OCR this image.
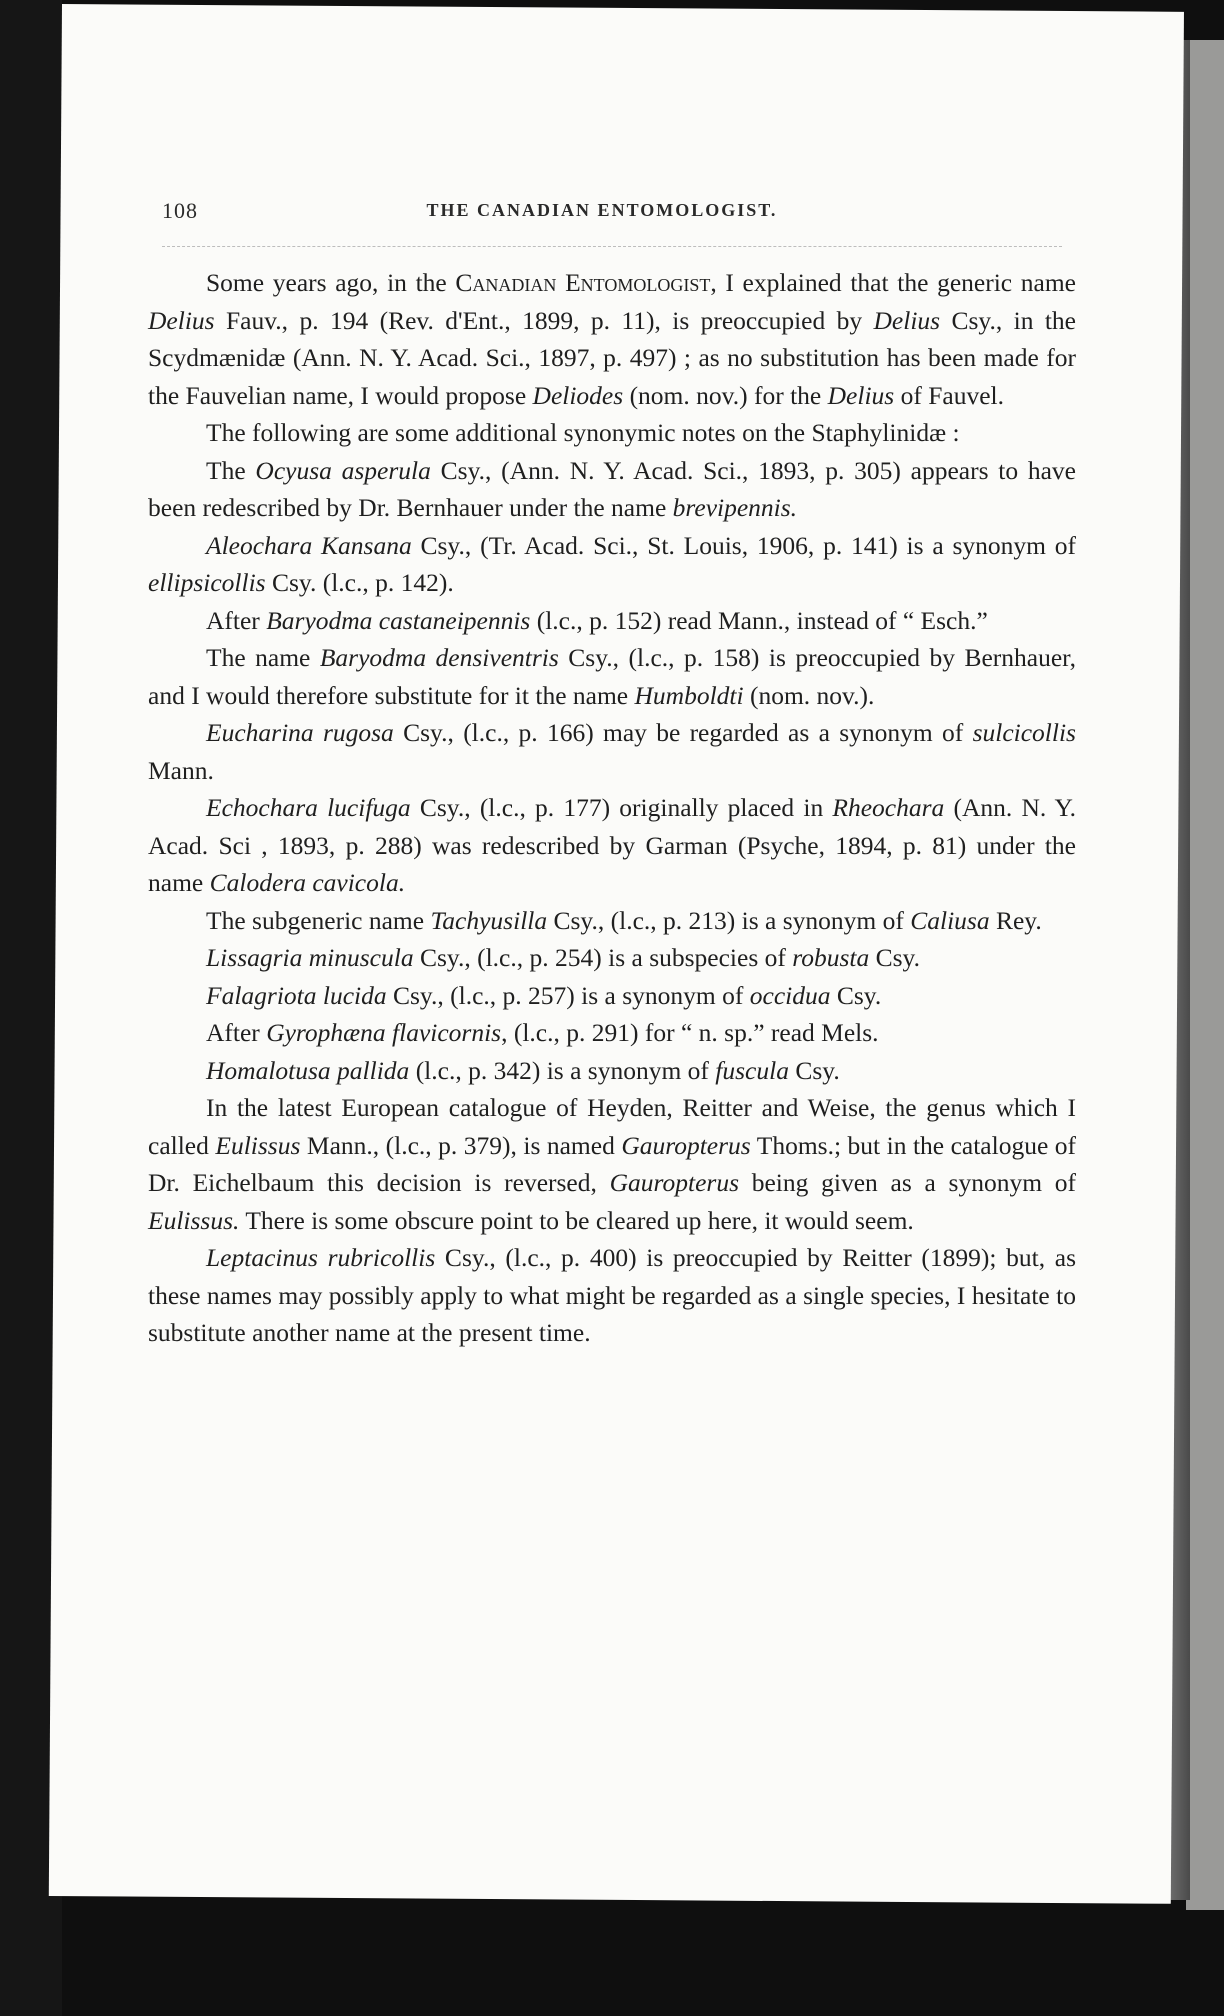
108	THE CANADIAN ENTOMOLOGIST.

Some years ago, in the Canadian Entomologist, I explained that the generic name Delius Fauv., p. 194 (Rev. d'Ent., 1899, p. 11), is preoccupied by Delius Csy., in the Scydmænidæ (Ann. N. Y. Acad. Sci., 1897, p. 497) ; as no substitution has been made for the Fauvelian name, I would propose Deliodes (nom. nov.) for the Delius of Fauvel.

The following are some additional synonymic notes on the Staphylinidæ :

The Ocyusa asperula Csy., (Ann. N. Y. Acad. Sci., 1893, p. 305) appears to have been redescribed by Dr. Bernhauer under the name brevipennis.

Aleochara Kansana Csy., (Tr. Acad. Sci., St. Louis, 1906, p. 141) is a synonym of ellipsicollis Csy. (l.c., p. 142).

After Baryodma castaneipennis (l.c., p. 152) read Mann., instead of “ Esch.”

The name Baryodma densiventris Csy., (l.c., p. 158) is preoccupied by Bernhauer, and I would therefore substitute for it the name Humboldti (nom. nov.).

Eucharina rugosa Csy., (l.c., p. 166) may be regarded as a synonym of sulcicollis Mann.

Echochara lucifuga Csy., (l.c., p. 177) originally placed in Rheochara (Ann. N. Y. Acad. Sci , 1893, p. 288) was redescribed by Garman (Psyche, 1894, p. 81) under the name Calodera cavicola.

The subgeneric name Tachyusilla Csy., (l.c., p. 213) is a synonym of Caliusa Rey.

Lissagria minuscula Csy., (l.c., p. 254) is a subspecies of robusta Csy.

Falagriota lucida Csy., (l.c., p. 257) is a synonym of occidua Csy.

After Gyrophæna flavicornis, (l.c., p. 291) for “ n. sp.” read Mels.

Homalotusa pallida (l.c., p. 342) is a synonym of fuscula Csy.

In the latest European catalogue of Heyden, Reitter and Weise, the genus which I called Eulissus Mann., (l.c., p. 379), is named Gauropterus Thoms.; but in the catalogue of Dr. Eichelbaum this decision is reversed, Gauropterus being given as a synonym of Eulissus. There is some obscure point to be cleared up here, it would seem.

Leptacinus rubricollis Csy., (l.c., p. 400) is preoccupied by Reitter (1899); but, as these names may possibly apply to what might be regarded as a single species, I hesitate to substitute another name at the present time.
